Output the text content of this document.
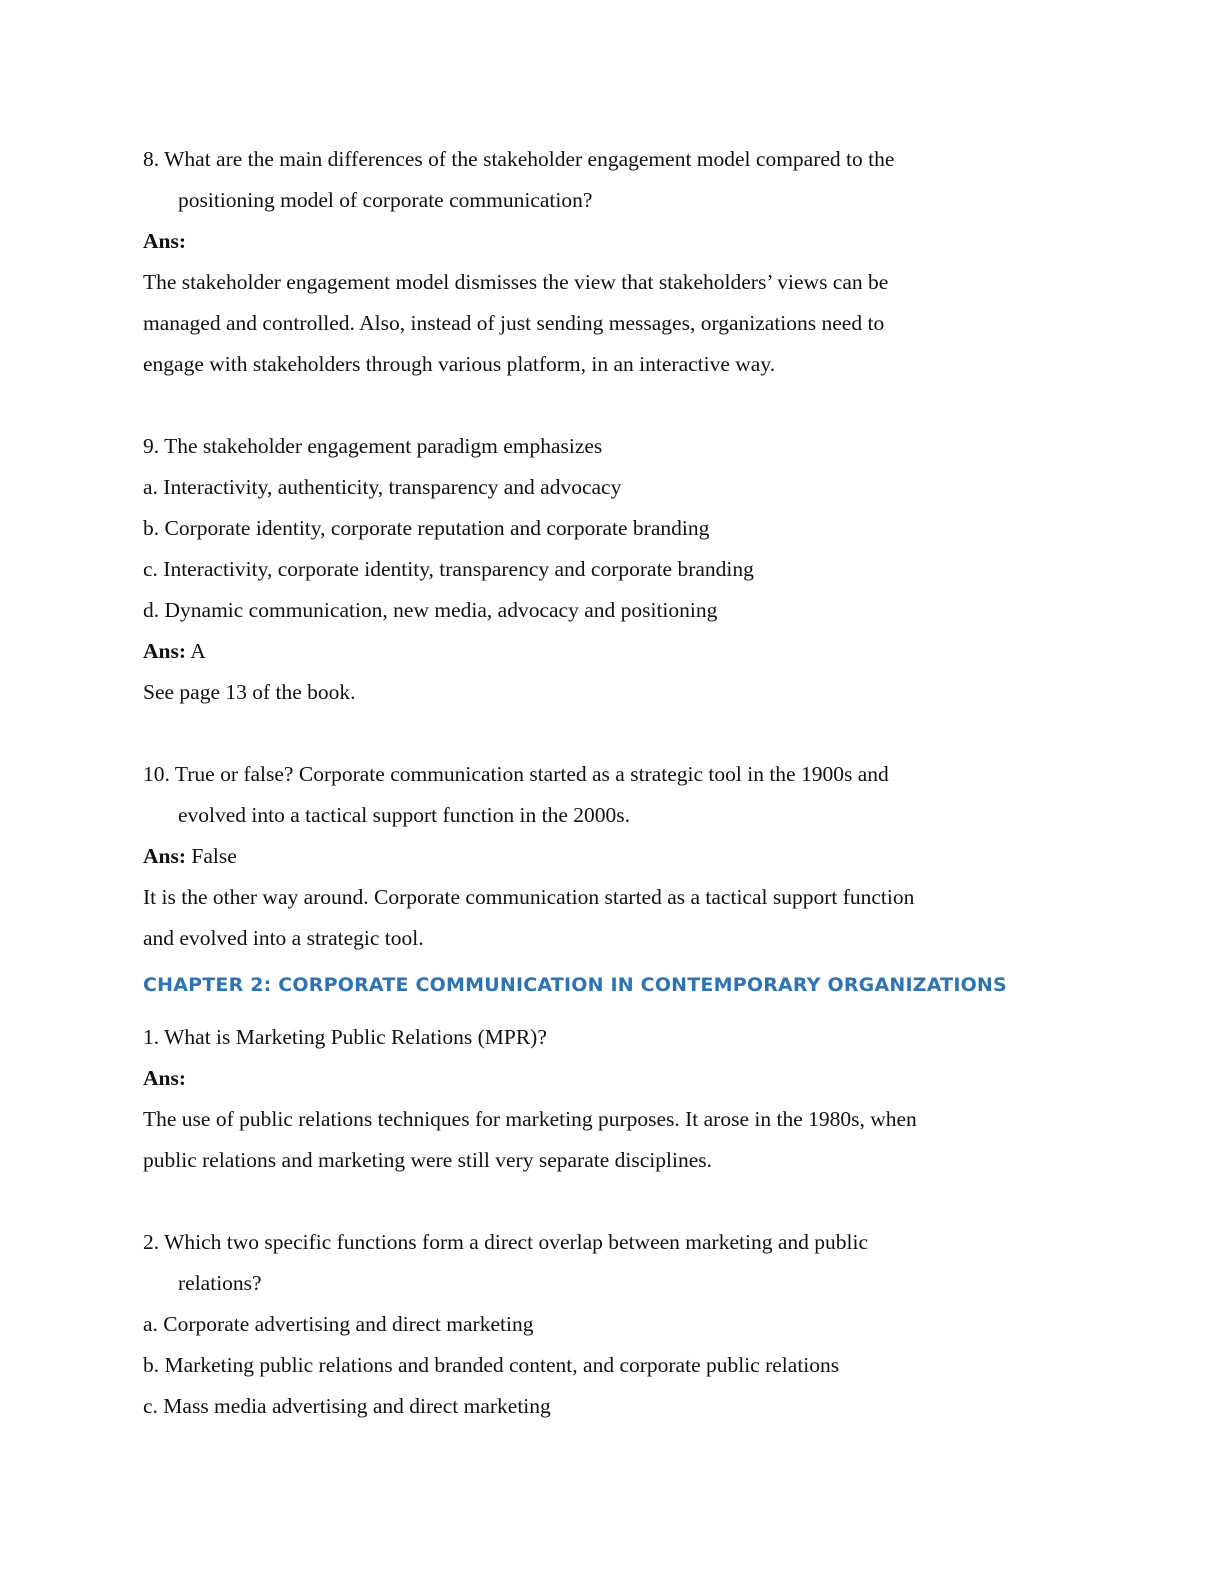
8. What are the main differences of the stakeholder engagement model compared to the
positioning model of corporate communication?
Ans:
The stakeholder engagement model dismisses the view that stakeholders’ views can be
managed and controlled. Also, instead of just sending messages, organizations need to
engage with stakeholders through various platform, in an interactive way.
9. The stakeholder engagement paradigm emphasizes
a. Interactivity, authenticity, transparency and advocacy
b. Corporate identity, corporate reputation and corporate branding
c. Interactivity, corporate identity, transparency and corporate branding
d. Dynamic communication, new media, advocacy and positioning
Ans: A
See page 13 of the book.
10. True or false? Corporate communication started as a strategic tool in the 1900s and
evolved into a tactical support function in the 2000s.
Ans: False
It is the other way around. Corporate communication started as a tactical support function
and evolved into a strategic tool.
CHAPTER 2: CORPORATE COMMUNICATION IN CONTEMPORARY ORGANIZATIONS
1. What is Marketing Public Relations (MPR)?
Ans:
The use of public relations techniques for marketing purposes. It arose in the 1980s, when
public relations and marketing were still very separate disciplines.
2. Which two specific functions form a direct overlap between marketing and public
relations?
a. Corporate advertising and direct marketing
b. Marketing public relations and branded content, and corporate public relations
c. Mass media advertising and direct marketing
